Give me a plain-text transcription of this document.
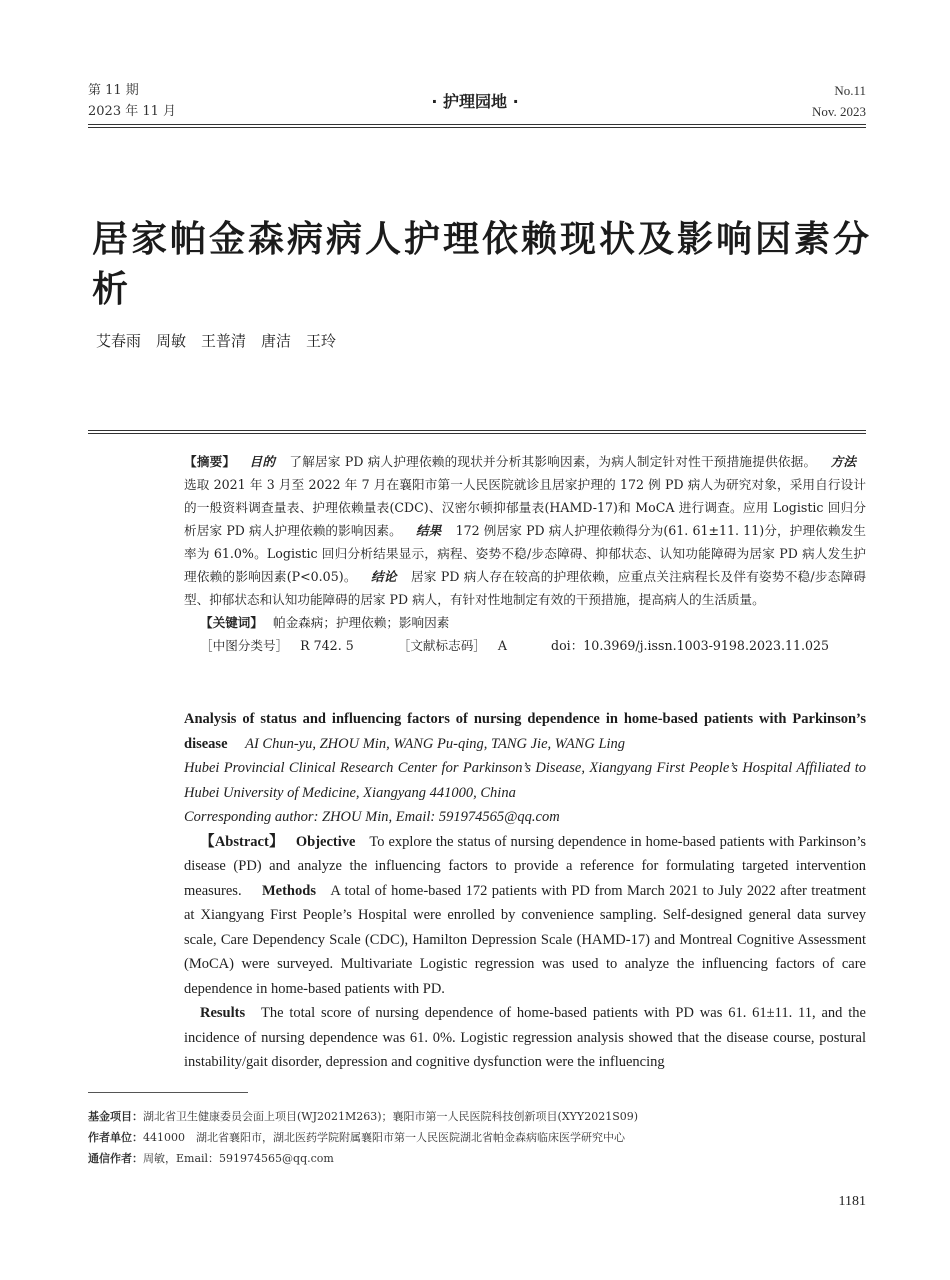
第 11 期
2023 年 11 月
· 护理园地 ·
No.11
Nov. 2023
居家帕金森病病人护理依赖现状及影响因素分析
艾春雨　周敏　王普清　唐洁　王玲
【摘要】 目的 了解居家 PD 病人护理依赖的现状并分析其影响因素，为病人制定针对性干预措施提供依据。 方法 选取 2021 年 3 月至 2022 年 7 月在襄阳市第一人民医院就诊且居家护理的 172 例 PD 病人为研究对象，采用自行设计的一般资料调查量表、护理依赖量表(CDC)、汉密尔顿抑郁量表(HAMD-17)和 MoCA 进行调查。应用 Logistic 回归分析居家 PD 病人护理依赖的影响因素。 结果 172 例居家 PD 病人护理依赖得分为(61. 61±11. 11)分，护理依赖发生率为 61.0%。Logistic 回归分析结果显示，病程、姿势不稳/步态障碍、抑郁状态、认知功能障碍为居家 PD 病人发生护理依赖的影响因素(P<0.05)。 结论 居家 PD 病人存在较高的护理依赖，应重点关注病程长及伴有姿势不稳/步态障碍型、抑郁状态和认知功能障碍的居家 PD 病人，有针对性地制定有效的干预措施，提高病人的生活质量。
【关键词】 帕金森病；护理依赖；影响因素
［中图分类号］ R 742. 5	［文献标志码］ A	doi：10.3969/j.issn.1003-9198.2023.11.025

Analysis of status and influencing factors of nursing dependence in home-based patients with Parkinson’s disease AI Chun-yu, ZHOU Min, WANG Pu-qing, TANG Jie, WANG Ling

Hubei Provincial Clinical Research Center for Parkinson’s Disease, Xiangyang First People’s Hospital Affiliated to Hubei University of Medicine, Xiangyang 441000, China

Corresponding author: ZHOU Min, Email: 591974565@qq.com

【Abstract】 Objective To explore the status of nursing dependence in home-based patients with Parkinson’s disease (PD) and analyze the influencing factors to provide a reference for formulating targeted intervention measures. Methods A total of home-based 172 patients with PD from March 2021 to July 2022 after treatment at Xiangyang First People’s Hospital were enrolled by convenience sampling. Self-designed general data survey scale, Care Dependency Scale (CDC), Hamilton Depression Scale (HAMD-17) and Montreal Cognitive Assessment (MoCA) were surveyed. Multivariate Logistic regression was used to analyze the influencing factors of care dependence in home-based patients with PD.

Results The total score of nursing dependence of home-based patients with PD was 61. 61±11. 11, and the incidence of nursing dependence was 61. 0%. Logistic regression analysis showed that the disease course, postural instability/gait disorder, depression and cognitive dysfunction were the influencing

基金项目：湖北省卫生健康委员会面上项目(WJ2021M263)；襄阳市第一人民医院科技创新项目(XYY2021S09)
作者单位：441000　湖北省襄阳市，湖北医药学院附属襄阳市第一人民医院湖北省帕金森病临床医学研究中心
通信作者：周敏，Email：591974565@qq.com
1181
